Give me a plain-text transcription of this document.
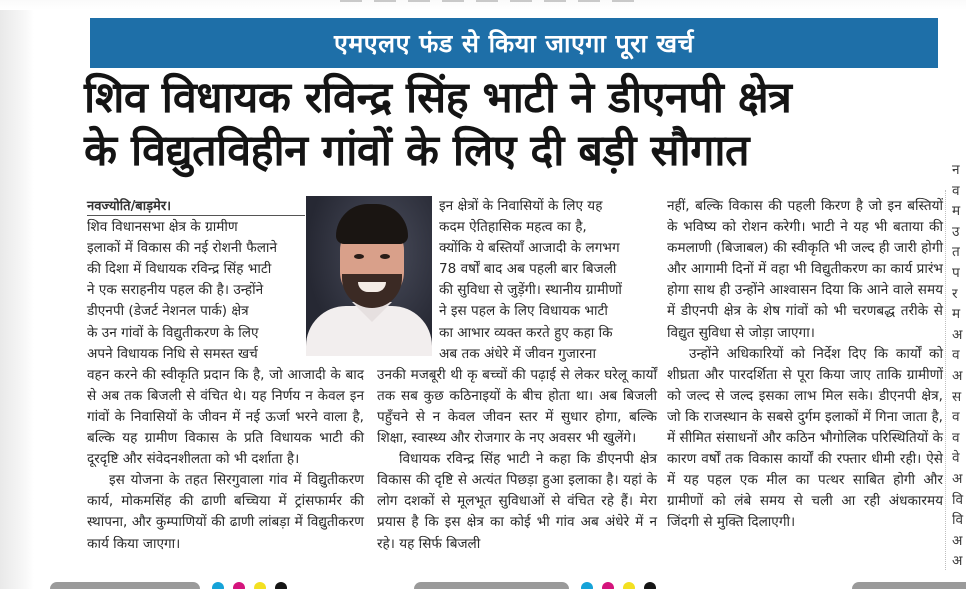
एमएलए फंड से किया जाएगा पूरा खर्च
शिव विधायक रविन्द्र सिंह भाटी ने डीएनपी क्षेत्र
के विद्युतविहीन गांवों के लिए दी बड़ी सौगात
नवज्योति/बाड़मेर।

शिव विधानसभा क्षेत्र के ग्रामीण

इलाकों में विकास की नई रोशनी फैलाने

की दिशा में विधायक रविन्द्र सिंह भाटी

ने एक सराहनीय पहल की है। उन्होंने

डीएनपी (डेजर्ट नेशनल पार्क) क्षेत्र

के उन गांवों के विद्युतीकरण के लिए

अपने विधायक निधि से समस्त खर्च

वहन करने की स्वीकृति प्रदान कि है, जो आजादी के बाद से अब तक बिजली से वंचित थे। यह निर्णय न केवल इन गांवों के निवासियों के जीवन में नई ऊर्जा भरने वाला है, बल्कि यह ग्रामीण विकास के प्रति विधायक भाटी की दूरदृष्टि और संवेदनशीलता को भी दर्शाता है।

इस योजना के तहत सिरगुवाला गांव में विद्युतीकरण कार्य, मोकमसिंह की ढाणी बच्चिया में ट्रांसफार्मर की स्थापना, और कुम्पाणियों की ढाणी लांबड़ा में विद्युतीकरण कार्य किया जाएगा।

इन क्षेत्रों के निवासियों के लिए यह

कदम ऐतिहासिक महत्व का है,

क्योंकि ये बस्तियाँ आजादी के लगभग

78 वर्षों बाद अब पहली बार बिजली

की सुविधा से जुड़ेंगी। स्थानीय ग्रामीणों

ने इस पहल के लिए विधायक भाटी

का आभार व्यक्त करते हुए कहा कि

अब तक अंधेरे में जीवन गुजारना

उनकी मजबूरी थी कृ बच्चों की पढ़ाई से लेकर घरेलू कार्यों तक सब कुछ कठिनाइयों के बीच होता था। अब बिजली पहुँचने से न केवल जीवन स्तर में सुधार होगा, बल्कि शिक्षा, स्वास्थ्य और रोजगार के नए अवसर भी खुलेंगे।

विधायक रविन्द्र सिंह भाटी ने कहा कि डीएनपी क्षेत्र विकास की दृष्टि से अत्यंत पिछड़ा हुआ इलाका है। यहां के लोग दशकों से मूलभूत सुविधाओं से वंचित रहे हैं। मेरा प्रयास है कि इस क्षेत्र का कोई भी गांव अब अंधेरे में न रहे। यह सिर्फ बिजली

नहीं, बल्कि विकास की पहली किरण है जो इन बस्तियों के भविष्य को रोशन करेगी। भाटी ने यह भी बताया की कमलाणी (बिजाबल) की स्वीकृति भी जल्द ही जारी होगी और आगामी दिनों में वहा भी विद्युतीकरण का कार्य प्रारंभ होगा साथ ही उन्होंने आश्वासन दिया कि आने वाले समय में डीएनपी क्षेत्र के शेष गांवों को भी चरणबद्ध तरीके से विद्युत सुविधा से जोड़ा जाएगा।

उन्होंने अधिकारियों को निर्देश दिए कि कार्यों को शीघ्रता और पारदर्शिता से पूरा किया जाए ताकि ग्रामीणों को जल्द से जल्द इसका लाभ मिल सके। डीएनपी क्षेत्र, जो कि राजस्थान के सबसे दुर्गम इलाकों में गिना जाता है, में सीमित संसाधनों और कठिन भौगोलिक परिस्थितियों के कारण वर्षों तक विकास कार्यों की रफ्तार धीमी रही। ऐसे में यह पहल एक मील का पत्थर साबित होगी और ग्रामीणों को लंबे समय से चली आ रही अंधकारमय जिंदगी से मुक्ति दिलाएगी।

न
व
म
उ
त
प
र
म
अ
व
अ
स
व
व
वे
अ
वि
वि
अ
अ
